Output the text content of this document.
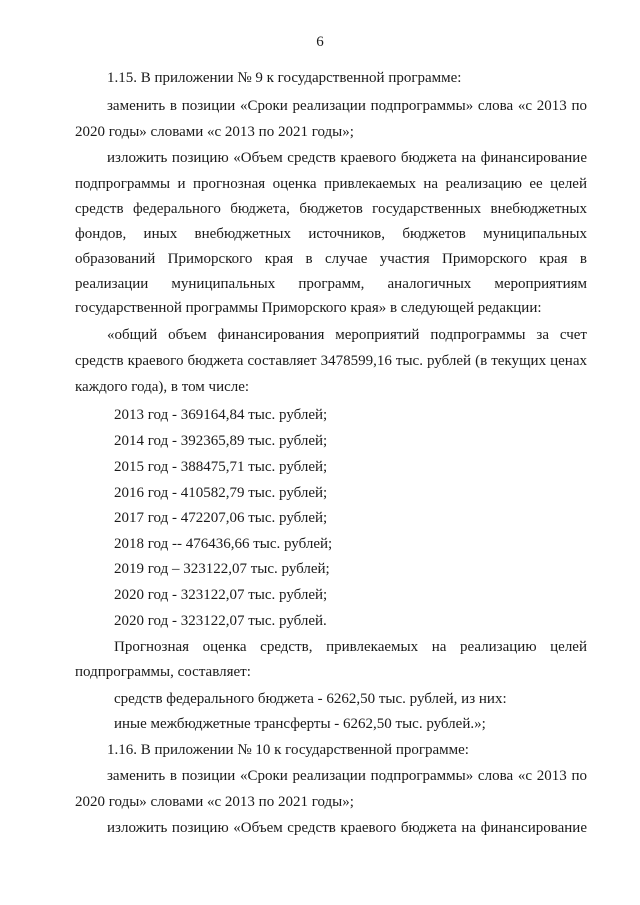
6
1.15. В приложении № 9 к государственной программе:
заменить в позиции «Сроки реализации подпрограммы» слова «с 2013 по
2020 годы» словами «с 2013 по 2021 годы»;
изложить позицию «Объем средств краевого бюджета на финансирование
подпрограммы и прогнозная оценка привлекаемых на реализацию ее целей
средств федерального бюджета, бюджетов государственных внебюджетных
фондов, иных внебюджетных источников, бюджетов муниципальных
образований Приморского края в случае участия Приморского края в
реализации муниципальных программ, аналогичных мероприятиям
государственной программы Приморского края» в следующей редакции:
«общий объем финансирования мероприятий подпрограммы за счет
средств краевого бюджета составляет 3478599,16 тыс. рублей (в текущих ценах
каждого года), в том числе:
2013 год - 369164,84 тыс. рублей;
2014 год - 392365,89 тыс. рублей;
2015 год - 388475,71 тыс. рублей;
2016 год - 410582,79 тыс. рублей;
2017 год - 472207,06 тыс. рублей;
2018 год -- 476436,66 тыс. рублей;
2019 год – 323122,07 тыс. рублей;
2020 год - 323122,07 тыс. рублей;
2020 год - 323122,07 тыс. рублей.
Прогнозная оценка средств, привлекаемых на реализацию целей
подпрограммы, составляет:
средств федерального бюджета - 6262,50 тыс. рублей, из них:
иные межбюджетные трансферты - 6262,50 тыс. рублей.»;
1.16. В приложении № 10 к государственной программе:
заменить в позиции «Сроки реализации подпрограммы» слова «с 2013 по
2020 годы» словами «с 2013 по 2021 годы»;
изложить позицию «Объем средств краевого бюджета на финансирование
